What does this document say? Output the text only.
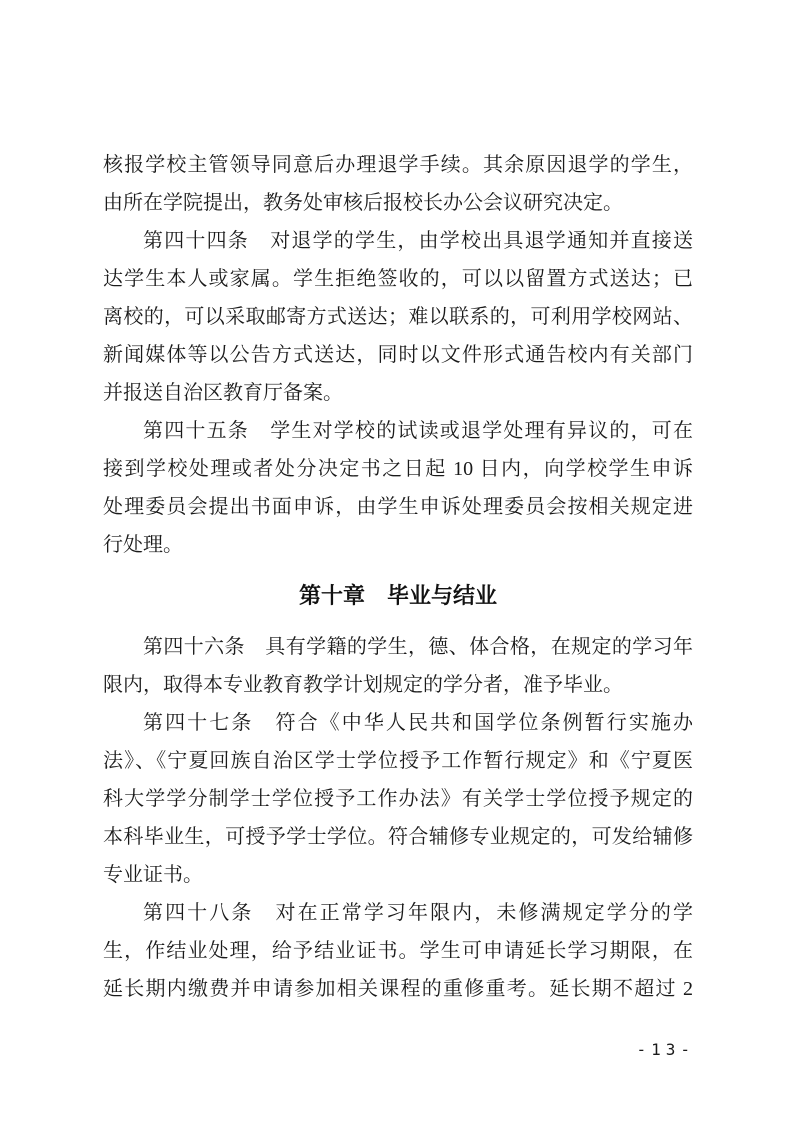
核报学校主管领导同意后办理退学手续。其余原因退学的学生，
由所在学院提出，教务处审核后报校长办公会议研究决定。
第四十四条　对退学的学生，由学校出具退学通知并直接送
达学生本人或家属。学生拒绝签收的，可以以留置方式送达；已
离校的，可以采取邮寄方式送达；难以联系的，可利用学校网站、
新闻媒体等以公告方式送达，同时以文件形式通告校内有关部门
并报送自治区教育厅备案。
第四十五条　学生对学校的试读或退学处理有异议的，可在
接到学校处理或者处分决定书之日起 10 日内，向学校学生申诉
处理委员会提出书面申诉，由学生申诉处理委员会按相关规定进
行处理。
第十章　毕业与结业
第四十六条　具有学籍的学生，德、体合格，在规定的学习年
限内，取得本专业教育教学计划规定的学分者，准予毕业。
第四十七条　符合《中华人民共和国学位条例暂行实施办
法》、《宁夏回族自治区学士学位授予工作暂行规定》和《宁夏医
科大学学分制学士学位授予工作办法》有关学士学位授予规定的
本科毕业生，可授予学士学位。符合辅修专业规定的，可发给辅修
专业证书。
第四十八条　对在正常学习年限内，未修满规定学分的学
生，作结业处理，给予结业证书。学生可申请延长学习期限，在
延长期内缴费并申请参加相关课程的重修重考。延长期不超过 2
-13-
